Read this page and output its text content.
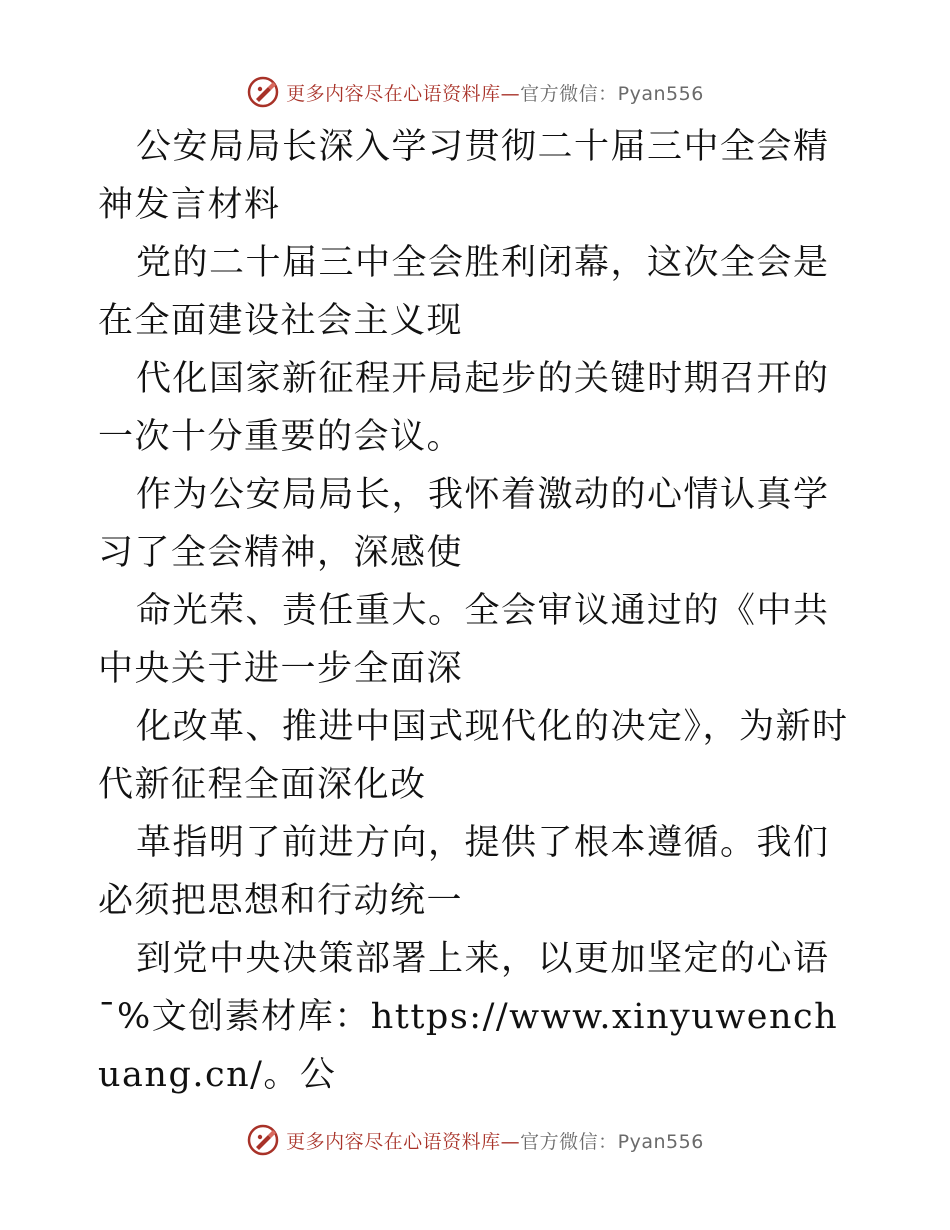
更多内容尽在心语资料库—官方微信：Pyan556

公安局局长深入学习贯彻二十届三中全会精神发言材料

党的二十届三中全会胜利闭幕，这次全会是在全面建设社会主义现

代化国家新征程开局起步的关键时期召开的一次十分重要的会议。

作为公安局局长，我怀着激动的心情认真学习了全会精神，深感使

命光荣、责任重大。全会审议通过的《中共中央关于进一步全面深

化改革、推进中国式现代化的决定》，为新时代新征程全面深化改

革指明了前进方向，提供了根本遵循。我们必须把思想和行动统一

到党中央决策部署上来，以更加坚定的心语¯%文创素材库：https://www.xinyuwenchuang.cn/。公

更多内容尽在心语资料库—官方微信：Pyan556
